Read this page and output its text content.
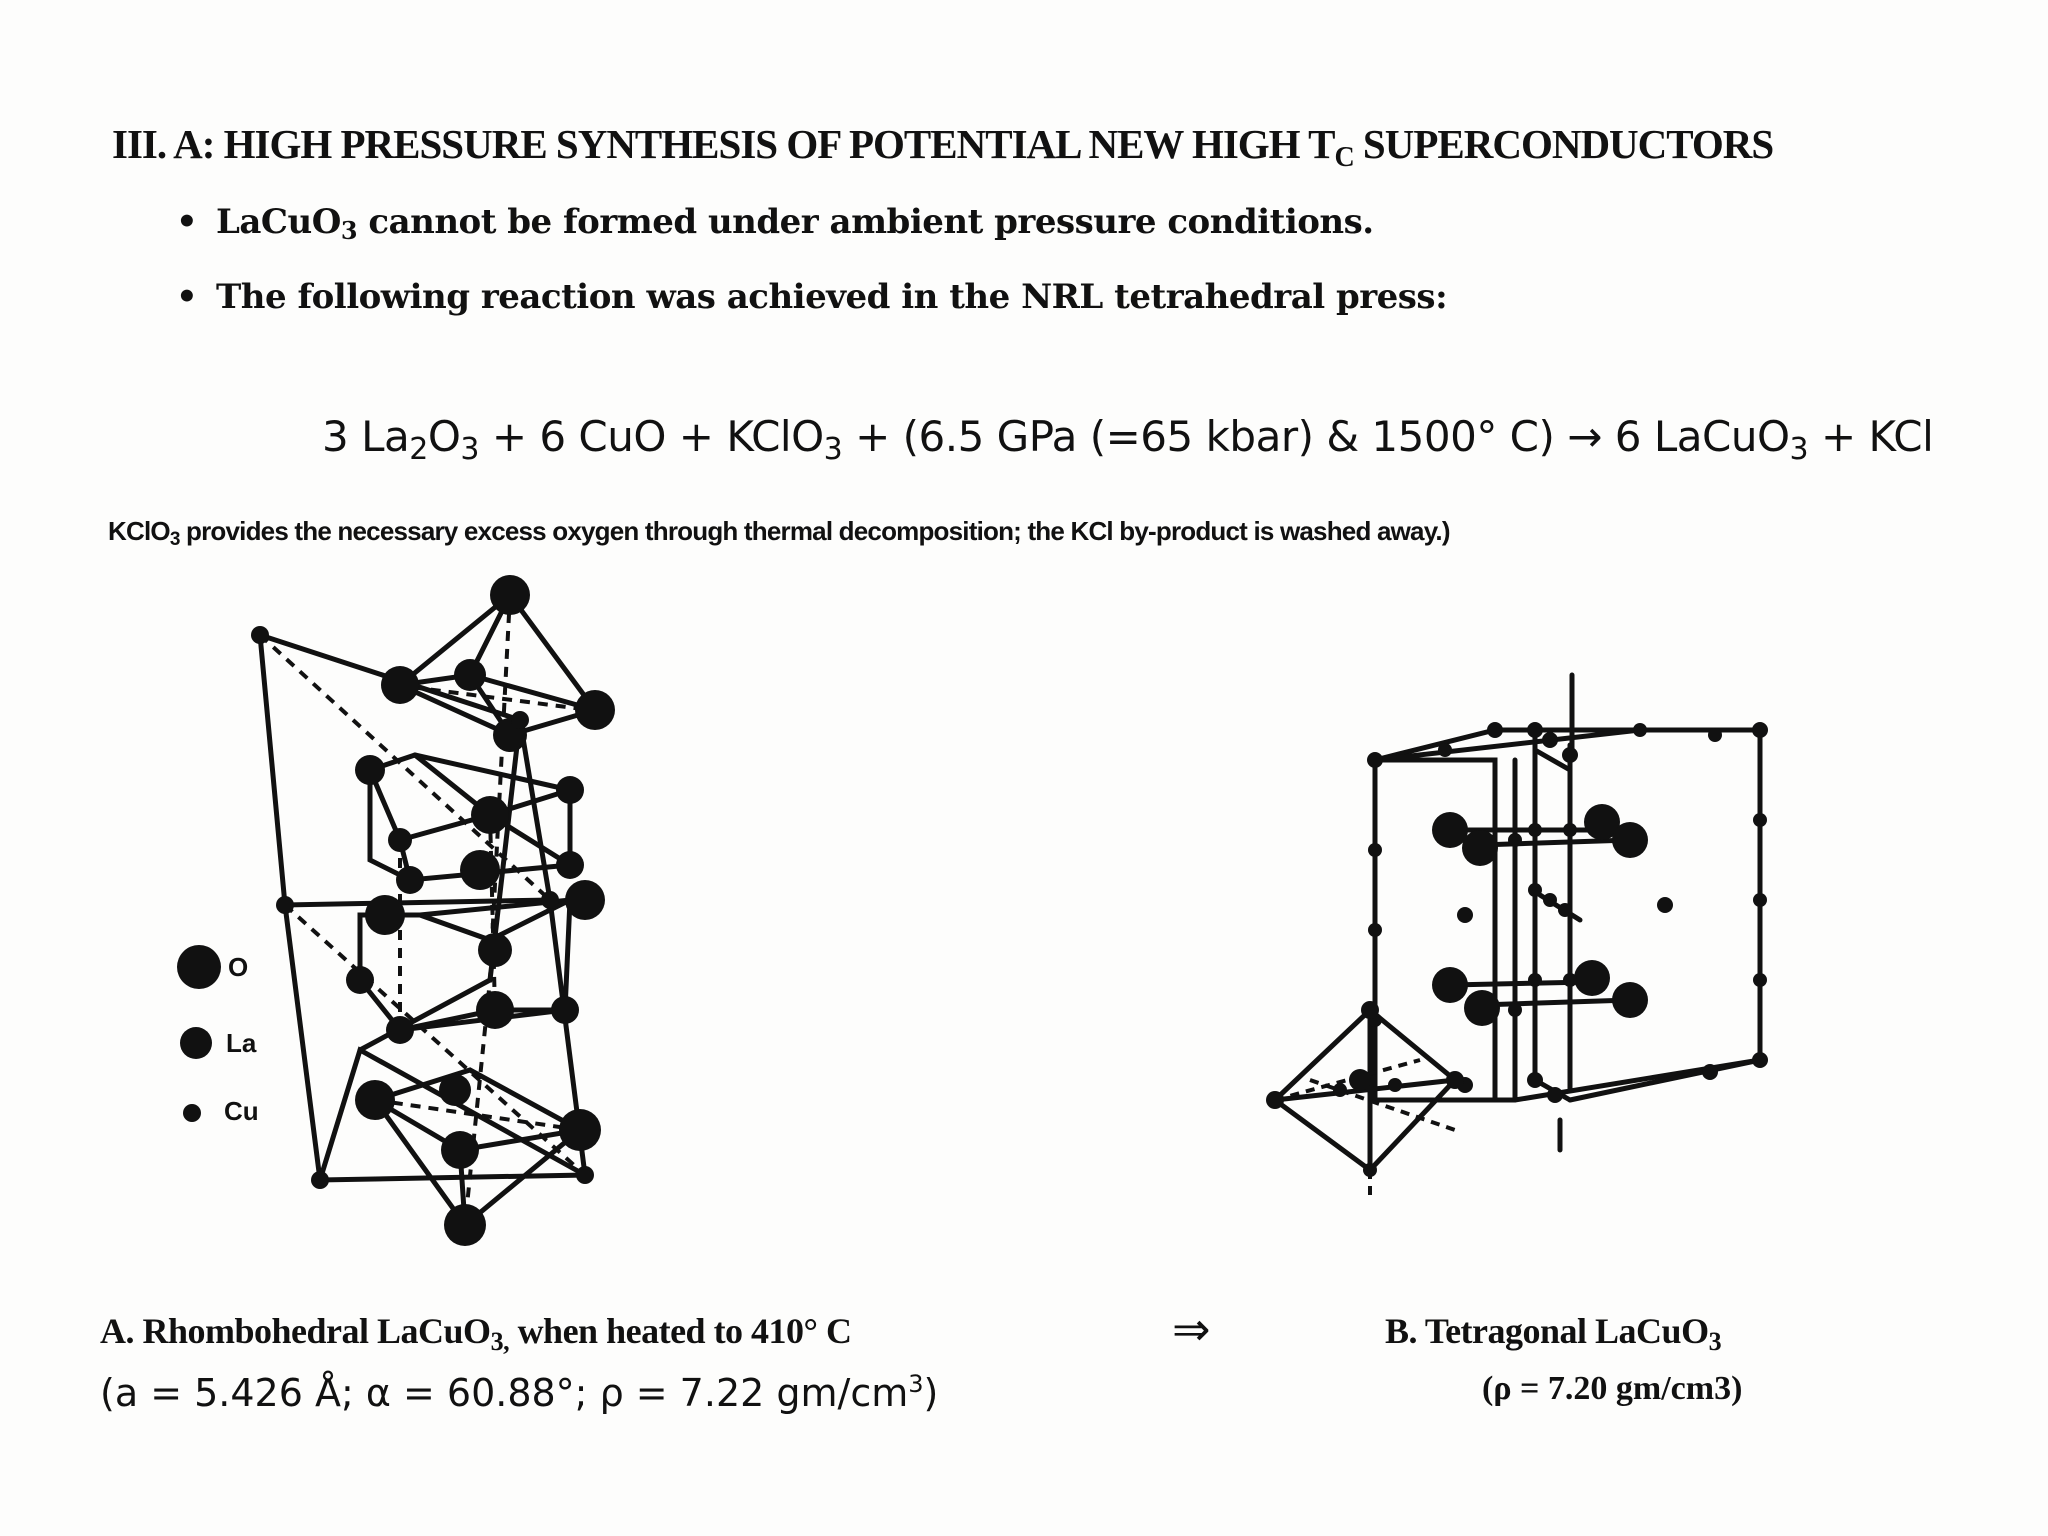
III. A: HIGH PRESSURE SYNTHESIS OF POTENTIAL NEW HIGH $T_C$ SUPERCONDUCTORS
• LaCuO$_3$ cannot be formed under ambient pressure conditions.
• The following reaction was achieved in the NRL tetrahedral press:
3 $La_2O_3 + 6$ CuO + KClO$_3$ + (6.5 GPa (=65 kbar) & 1500° C) → 6 LaCuO$_3$ + KCl
KClO$_3$ provides the necessary excess oxygen through thermal decomposition; the KCl by-product is washed away.)
O
La
Cu
A. Rhombohedral LaCuO$_{3,}$ when heated to 410° C
(a = 5.426 Å; α = 60.88°; ρ = 7.22 $gm/cm^3$)
⇒	B. Tetragonal LaCuO$_3$
(ρ = 7.20 gm/cm3)
